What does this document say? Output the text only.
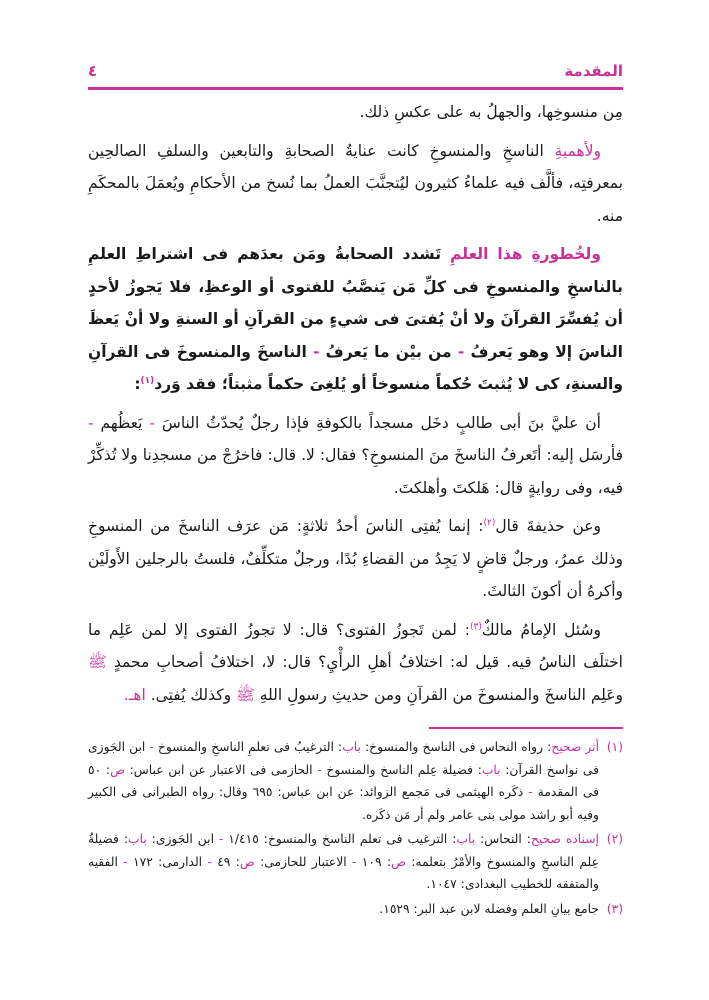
المقدمة
٤

مِن منسوخِها، والجهلُ به على عكسِ ذلك.

ولأهميةِ الناسخِ والمنسوخِ كانت عنايةُ الصحابةِ والتابعين والسلفِ الصالحِين بمعرفتِه، فألَّف فيه علماءُ كثيرون ليُتجنَّبَ العملُ بما نُسخ من الأحكامِ ويُعمَلَ بالمحكَمِ منه.

ولخُطورةِ هذا العلمِ تَشدد الصحابةُ ومَن بعدَهم فى اشتراطِ العلمِ بالناسخِ والمنسوخِ فى كلِّ مَن يَنصَّبُ للفتوى أو الوعظِ، فلا يَجوزُ لأحدٍ أن يُفسِّرَ القرآنَ ولا أنْ يُفتىَ فى شيءٍ من القرآنِ أو السنةِ ولا أنْ يَعظَ الناسَ إلا وهو يَعرفُ - من بيْن ما يَعرفُ - الناسخَ والمنسوخَ فى القرآنِ والسنةِ، كى لا يُثبتَ حُكماً منسوخاً أو يُلغِىَ حكماً مثبتاً؛ فقد وَرد$^{(١)}$:

أن عليَّ بنَ أبى طالبٍ دخَل مسجداً بالكوفةِ فإذا رجلٌ يُحدّثُ الناسَ - يَعظُهم - فأرسَل إليه: أتَعرفُ الناسخَ منَ المنسوخِ؟ فقال: لا. قال: فاخرُجْ من مسجدِنا ولا تُذكِّرْ فيه، وفى روايةٍ قال: هَلكتَ وأهلكتَ.

وعن حذيفةَ قال$^{(٢)}$: إنما يُفتِى الناسَ أحدُ ثلاثةٍ: مَن عرَف الناسخَ من المنسوخِ وذلك عمرُ، ورجلٌ قاضٍ لا يَجِدُ من القضاءِ بُدًا، ورجلٌ متكلِّفٌ، فلستُ بالرجلين الأَولَيْن وأكرهُ أن أكونَ الثالثَ.

وسُئل الإمامُ مالكٌ$^{(٣)}$: لمن تَجوزُ الفتوى؟ قال: لا تجوزُ الفتوى إلا لمن عَلِم ما اختلَف الناسُ فيه. قيل له: اختلافُ أهلِ الرأْيِ؟ قال: لا، اختلافُ أصحابِ محمدٍ ﷺ وعَلِم الناسخَ والمنسوخَ من القرآنِ ومن حديثِ رسولِ اللهِ ﷺ وكذلك يُفتِى. اهـ.

(١)
أثر صحيح: رواه النحاس فى الناسخ والمنسوخ: باب: الترغيبُ فى تعلمِ الناسخِ والمنسوخ - ابن الجَوزى فى نواسخ القرآن: باب: فضيلة عِلم الناسخ والمنسوخ - الحازمى فى الاعتبار عن ابن عباس: ص: ٥٠ فى المقدمة - ذكَره الهيثمى فى مَجمع الزوائد: عن ابن عباس: ٦٩٥ وقال: رواه الطبرانى فى الكبير وفيه أبو راشد مولى بنى عامر ولم أر مَن ذكَره.
(٢)
إسناده صحيح: النحاس: باب: الترغيب فى تعلم الناسخ والمنسوخ: ١/٤١٥ - ابن الجَوزى: باب: فضيلةُ عِلم الناسخِ والمنسوخ والأمْرُ بتعلمه: ص: ١٠٩ - الاعتبار للحازمى: ص: ٤٩ - الدارمى: ١٧٢ - الفقيه والمتفقه للخطيب البغدادى: ١٠٤٧.
(٣)
جامع بيانِ العلم وفضله لابن عبد البر: ١٥٢٩.
